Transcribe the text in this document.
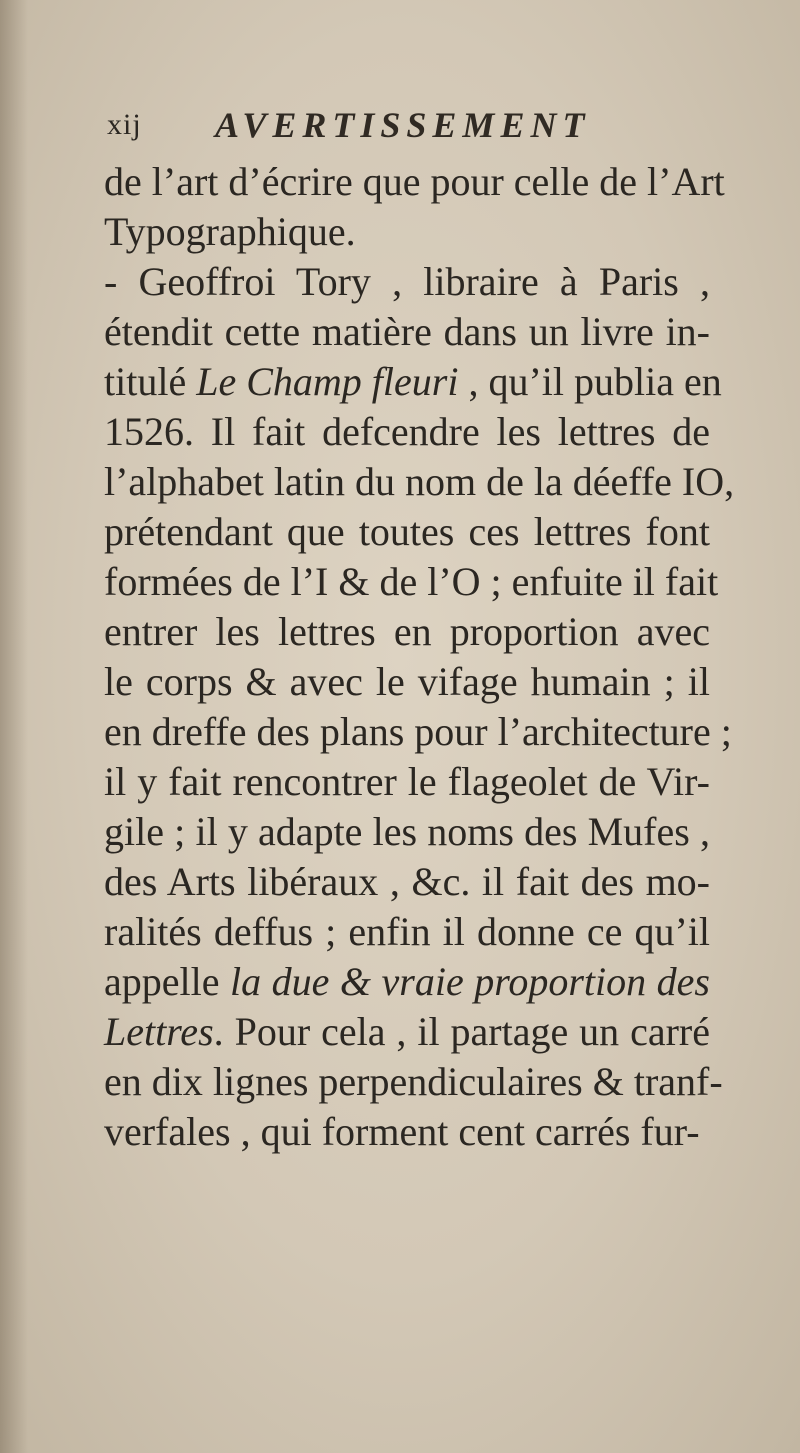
xij AVERTISSEMENT
de l’art d’écrire que pour celle de l’Art
Typographique.
- Geoffroi Tory , libraire à Paris ,
étendit cette matière dans un livre in-
titulé Le Champ fleuri , qu’il publia en
1526. Il fait defcendre les lettres de
l’alphabet latin du nom de la déeffe IO,
prétendant que toutes ces lettres font
formées de l’I & de l’O ; enfuite il fait
entrer les lettres en proportion avec
le corps & avec le vifage humain ; il
en dreffe des plans pour l’architecture ;
il y fait rencontrer le flageolet de Vir-
gile ; il y adapte les noms des Mufes ,
des Arts libéraux , &c. il fait des mo-
ralités deffus ; enfin il donne ce qu’il
appelle la due & vraie proportion des
Lettres. Pour cela , il partage un carré
en dix lignes perpendiculaires & tranf-
verfales , qui forment cent carrés fur-
